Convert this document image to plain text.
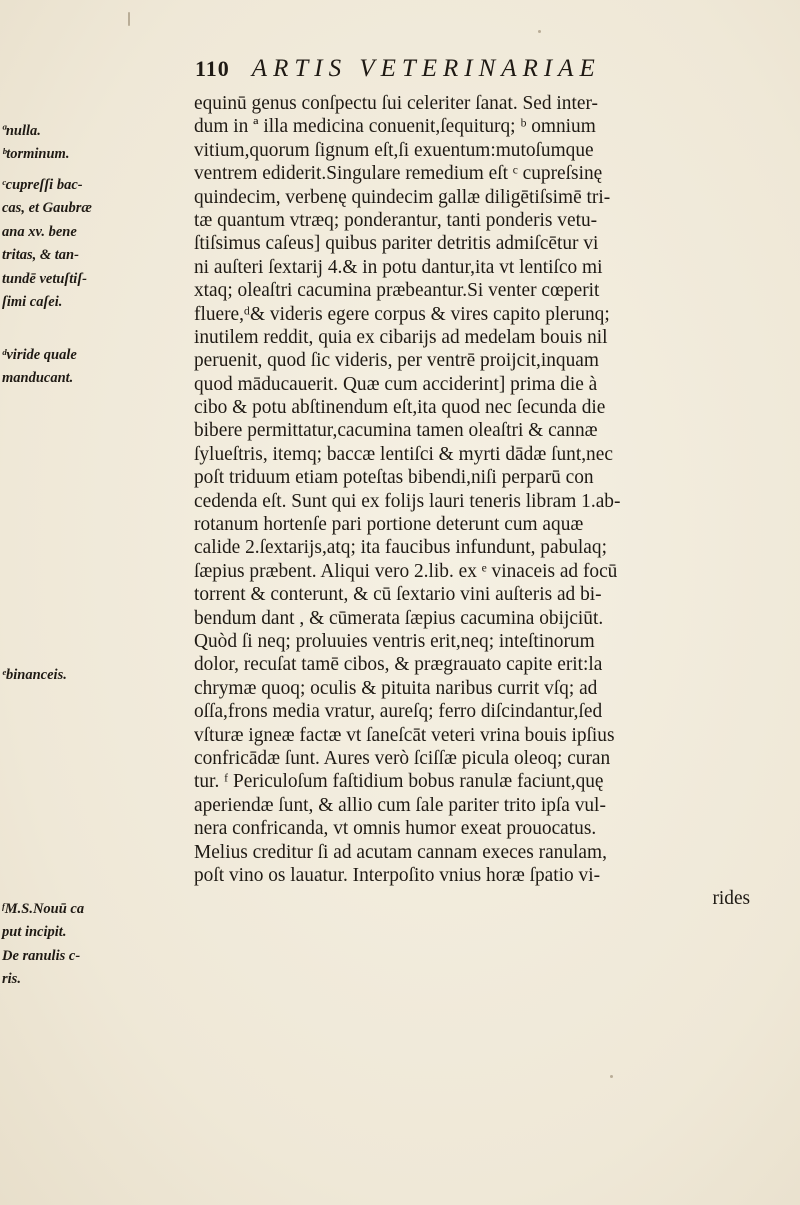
110 ARTIS VETERINARIAE
ªnulla.
ᵇtorminum.
ᶜcupreſſi bac-
cas, et Gaubræ
ana xv. bene
tritas, & tan-
tundē vetuſtiſ-
ſimi caſei.
ᵈviride quale
manducant.
ᵉbinanceis.
ᶠM.S.Nouū ca
put incipit.
De ranulis c-
ris.
equinū genus conſpectu ſui celeriter ſanat. Sed inter-
dum in ª illa medicina conuenit,ſequiturq; ᵇ omnium
vitium,quorum ſignum eſt,ſi exuentum:mutoſumque
ventrem ediderit.Singulare remedium eſt ᶜ cupreſsinę
quindecim, verbenę quindecim gallæ diligētiſsimē tri-
tæ quantum vtræq; ponderantur, tanti ponderis vetu-
ſtiſsimus caſeus] quibus pariter detritis admiſcētur vi
ni auſteri ſextarij 4.& in potu dantur,ita vt lentiſco mi
xtaq; oleaſtri cacumina præbeantur.Si venter cœperit
fluere,ᵈ& videris egere corpus & vires capito plerunq;
inutilem reddit, quia ex cibarijs ad medelam bouis nil
peruenit, quod ſic videris, per ventrē proijcit,inquam
quod māducauerit. Quæ cum acciderint] prima die à
cibo & potu abſtinendum eſt,ita quod nec ſecunda die
bibere permittatur,cacumina tamen oleaſtri & cannæ
ſylueſtris, itemq; baccæ lentiſci & myrti dādæ ſunt,nec
poſt triduum etiam poteſtas bibendi,niſi perparū con
cedenda eſt. Sunt qui ex folijs lauri teneris libram 1.ab-
rotanum hortenſe pari portione deterunt cum aquæ
calide 2.ſextarijs,atq; ita faucibus infundunt, pabulaq;
ſæpius præbent. Aliqui vero 2.lib. ex ᵉ vinaceis ad focū
torrent & conterunt, & cū ſextario vini auſteris ad bi-
bendum dant , & cūmerata ſæpius cacumina obijciūt.
Quòd ſi neq; proluuies ventris erit,neq; inteſtinorum
dolor, recuſat tamē cibos, & prægrauato capite erit:la
chrymæ quoq; oculis & pituita naribus currit vſq; ad
oſſa,frons media vratur, aureſq; ferro diſcindantur,ſed
vſturæ igneæ factæ vt ſaneſcāt veteri vrina bouis ipſius
confricādæ ſunt. Aures verò ſciſſæ picula oleoq; curan
tur. ᶠ Periculoſum faſtidium bobus ranulæ faciunt,quę
aperiendæ ſunt, & allio cum ſale pariter trito ipſa vul-
nera confricanda, vt omnis humor exeat prouocatus.
Melius creditur ſi ad acutam cannam execes ranulam,
poſt vino os lauatur. Interpoſito vnius horæ ſpatio vi-
rides
